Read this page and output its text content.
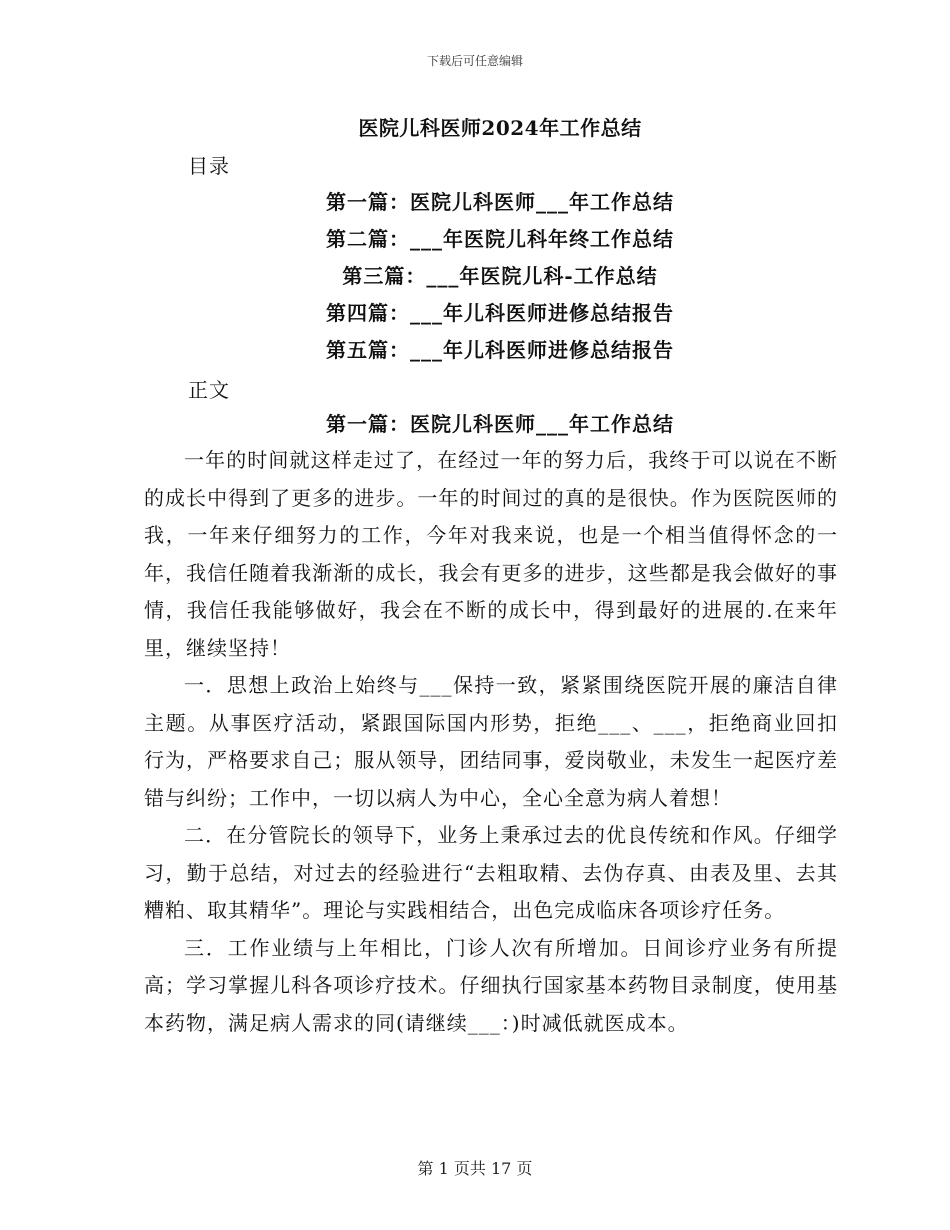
下载后可任意编辑
医院儿科医师2024年工作总结
目录
第一篇：医院儿科医师___年工作总结
第二篇：___年医院儿科年终工作总结
第三篇：___年医院儿科-工作总结
第四篇：___年儿科医师进修总结报告
第五篇：___年儿科医师进修总结报告
正文
第一篇：医院儿科医师___年工作总结
一年的时间就这样走过了，在经过一年的努力后，我终于可以说在不断的成长中得到了更多的进步。一年的时间过的真的是很快。作为医院医师的我，一年来仔细努力的工作，今年对我来说，也是一个相当值得怀念的一年，我信任随着我渐渐的成长，我会有更多的进步，这些都是我会做好的事情，我信任我能够做好，我会在不断的成长中，得到最好的进展的.在来年里，继续坚持！
一．思想上政治上始终与___保持一致，紧紧围绕医院开展的廉洁自律主题。从事医疗活动，紧跟国际国内形势，拒绝___、___，拒绝商业回扣行为，严格要求自己；服从领导，团结同事，爱岗敬业，未发生一起医疗差错与纠纷；工作中，一切以病人为中心，全心全意为病人着想！
二．在分管院长的领导下，业务上秉承过去的优良传统和作风。仔细学习，勤于总结，对过去的经验进行“去粗取精、去伪存真、由表及里、去其糟粕、取其精华”。理论与实践相结合，出色完成临床各项诊疗任务。
三．工作业绩与上年相比，门诊人次有所增加。日间诊疗业务有所提高；学习掌握儿科各项诊疗技术。仔细执行国家基本药物目录制度，使用基本药物，满足病人需求的同(请继续___：)时减低就医成本。
第 1 页共 17 页
